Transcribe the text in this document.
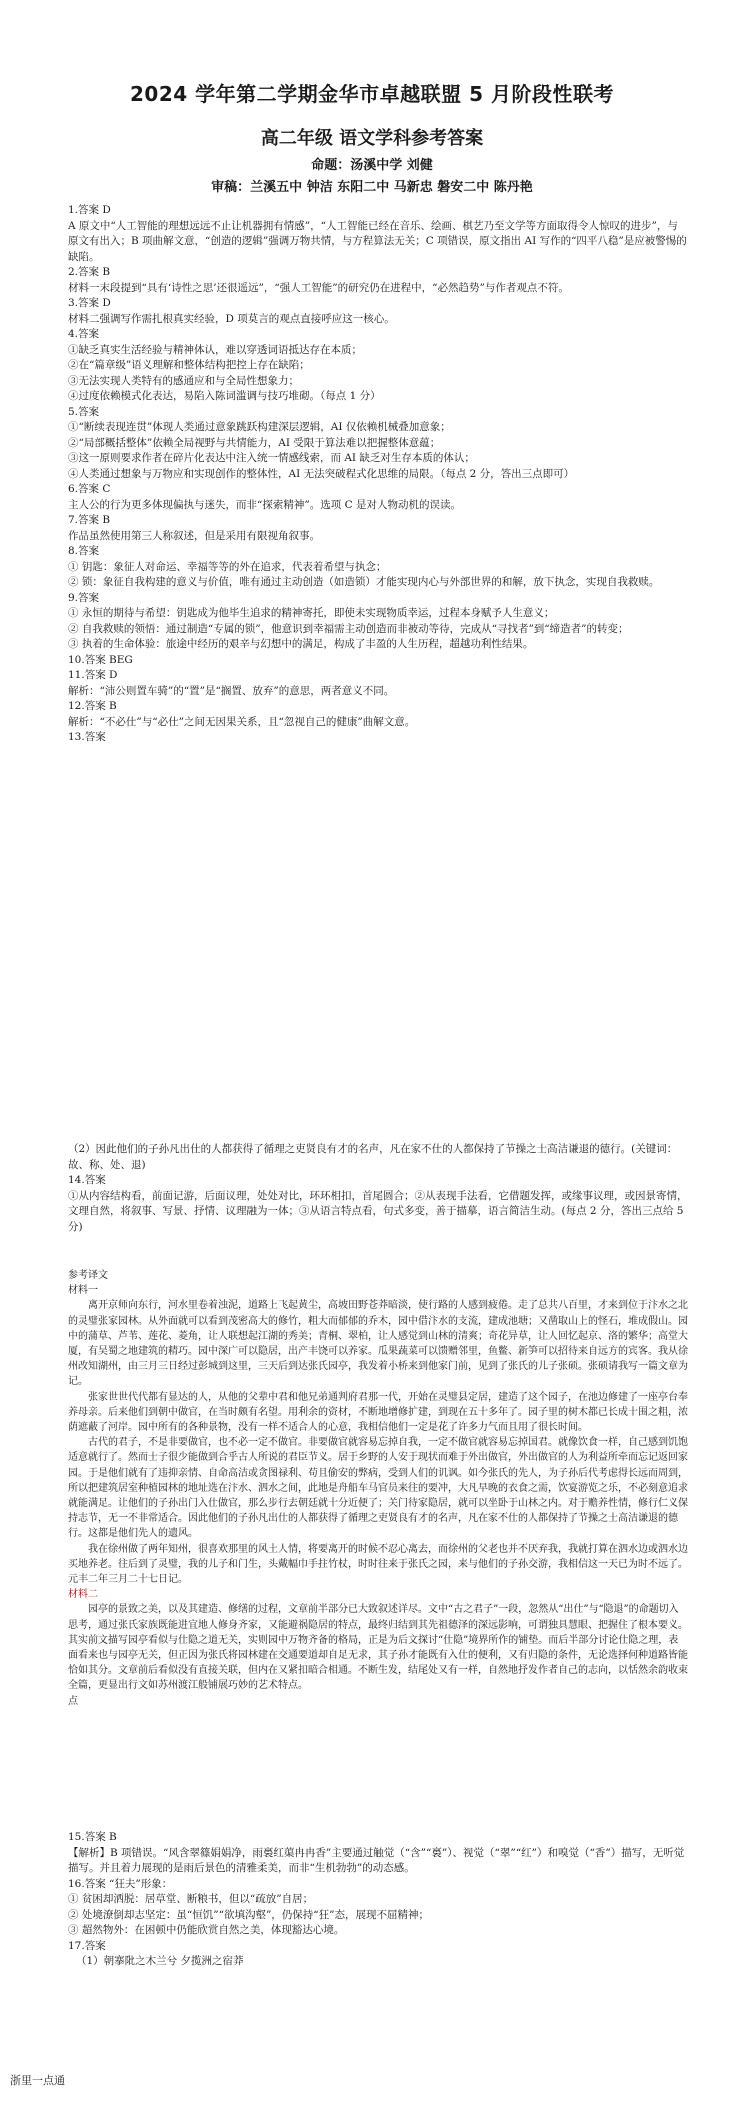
2024 学年第二学期金华市卓越联盟 5 月阶段性联考
高二年级 语文学科参考答案
命题：汤溪中学 刘健
审稿：兰溪五中 钟洁 东阳二中 马新忠 磐安二中 陈丹艳

1.答案 D

A 原文中“人工智能的理想远远不止让机器拥有情感”，“人工智能已经在音乐、绘画、棋艺乃至文学等方面取得令人惊叹的进步”，与原文有出入；B 项曲解文意，“创造的逻辑”强调万物共情，与方程算法无关；C 项错误，原文指出 AI 写作的“四平八稳”是应被警惕的缺陷。

2.答案 B

材料一末段提到“具有‘诗性之思’还很遥远”，“强人工智能”的研究仍在进程中，“必然趋势”与作者观点不符。

3.答案 D

材料二强调写作需扎根真实经验，D 项莫言的观点直接呼应这一核心。

4.答案

①缺乏真实生活经验与精神体认，难以穿透词语抵达存在本质；

②在“篇章级”语义理解和整体结构把控上存在缺陷；

③无法实现人类特有的感通应和与全局性想象力；

④过度依赖模式化表达，易陷入陈词滥调与技巧堆砌。（每点 1 分）

5.答案

①“断续表现连贯”体现人类通过意象跳跃构建深层逻辑，AI 仅依赖机械叠加意象；

②“局部概括整体”依赖全局视野与共情能力，AI 受限于算法难以把握整体意蕴；

③这一原则要求作者在碎片化表达中注入统一情感线索，而 AI 缺乏对生存本质的体认；

④人类通过想象与万物应和实现创作的整体性，AI 无法突破程式化思维的局限。（每点 2 分，答出三点即可）

6.答案 C

主人公的行为更多体现偏执与迷失，而非“探索精神”。选项 C 是对人物动机的误读。

7.答案 B

作品虽然使用第三人称叙述，但是采用有限视角叙事。

8.答案

① 钥匙：象征人对命运、幸福等等的外在追求，代表着希望与执念；

② 锁：象征自我构建的意义与价值，唯有通过主动创造（如造锁）才能实现内心与外部世界的和解，放下执念，实现自我救赎。

9.答案

① 永恒的期待与希望：钥匙成为他毕生追求的精神寄托，即使未实现物质幸运，过程本身赋予人生意义；

② 自我救赎的领悟：通过制造“专属的锁”，他意识到幸福需主动创造而非被动等待，完成从“寻找者”到“缔造者”的转变；

③ 执着的生命体验：旅途中经历的艰辛与幻想中的满足，构成了丰盈的人生历程，超越功利性结果。

10.答案 BEG

11.答案 D

解析：“沛公则置车骑”的“置”是“搁置、放弃”的意思，两者意义不同。

12.答案 B

解析：“不必仕”与“必仕”之间无因果关系，且“忽视自己的健康”曲解文意。

13.答案

（2）因此他们的子孙凡出仕的人都获得了循理之吏贤良有才的名声，凡在家不仕的人都保持了节操之士高洁谦退的德行。(关键词：故、称、处、退)

14.答案

①从内容结构看，前面记游，后面议理，处处对比，环环相扣，首尾圆合；②从表现手法看，它借题发挥，或缘事议理，或因景寄情，文理自然，将叙事、写景、抒情、议理融为一体；③从语言特点看，句式多变，善于描摹，语言简洁生动。(每点 2 分，答出三点给 5 分)

参考译文

材料一

离开京师向东行，河水里卷着浊泥，道路上飞起黄尘，高坡田野苍莽暗淡，使行路的人感到疲倦。走了总共八百里，才来到位于汴水之北的灵璧张家园林。从外面就可以看到茂密高大的修竹，粗大而郁郁的乔木，园中借汴水的支流，建成池塘；又凿取山上的怪石，堆成假山。园中的蒲草、芦苇、莲花、菱角，让人联想起江湖的秀美；青桐、翠柏，让人感觉到山林的清爽；奇花异草，让人回忆起京、洛的繁华；高堂大厦，有吴蜀之地建筑的精巧。园中深广可以隐居，出产丰饶可以养家。瓜果蔬菜可以馈赠邻里，鱼鳖、新笋可以招待来自远方的宾客。我从徐州改知湖州，由三月三日经过彭城到这里，三天后到达张氏园亭，我发着小桥来到他家门前，见到了张氏的儿子张硕。张硕请我写一篇文章为记。

张家世世代代都有显达的人，从他的父辈中君和他兄弟通判府君那一代，开始在灵璧县定居，建造了这个园子，在池边修建了一座亭台奉养母亲。后来他们到朝中做官，在当时颇有名望。用利余的资材，不断地增修扩建，到现在五十多年了。园子里的树木都已长成十围之粗，浓荫遮蔽了河岸。园中所有的各种景物，没有一样不适合人的心意，我相信他们一定是花了许多力气而且用了很长时间。

古代的君子，不是非要做官，也不必一定不做官。非要做官就容易忘掉自我，一定不做官就容易忘掉国君。就像饮食一样，自己感到饥饱适意就行了。然而士子很少能做到合乎古人所说的君臣节义。居于乡野的人安于现状而难于外出做官，外出做官的人为利益所牵而忘记返回家园。于是他们就有了违抑亲情、自命高洁或贪图禄利、苟且偷安的弊病，受到人们的讥讽。如今张氏的先人，为子孙后代考虑得长远而周到，所以把建筑居室种植园林的地址选在汴水、泗水之间，此地是舟船车马官员来往的要冲，大凡早晚的衣食之需，饮宴游览之乐，不必刻意追求就能满足。让他们的子孙出门入仕做官，那么步行去朝廷就十分近便了；关门待家隐居，就可以坐卧于山林之内。对于赡养性情，修行仁义保持志节，无一不非常适合。因此他们的子孙凡出仕的人都获得了循理之吏贤良有才的名声，凡在家不仕的人都保持了节操之士高洁谦退的德行。这都是他们先人的遗风。

我在徐州做了两年知州，很喜欢那里的风土人情，将要离开的时候不忍心离去，而徐州的父老也并不厌弃我，我就打算在泗水边或泗水边买地养老。往后到了灵璧，我的儿子和门生，头戴幅巾手拄竹杖，时时往来于张氏之园，来与他们的子孙交游，我相信这一天已为时不远了。元丰二年三月二十七日记。

材料二

园亭的景致之美，以及其建造、修缮的过程，文章前半部分已大致叙述详尽。文中“古之君子”一段，忽然从“出仕”与“隐退”的命题切入思考，通过张氏家族既能进宜地人修身齐家，又能避祸隐居的特点，最终归结到其先祖德泽的深远影响，可谓独具慧眼、把握住了根本要义。其实前文描写园亭看似与仕隐之道无关，实则园中万物齐备的格局，正是为后文探讨“仕隐”境界所作的铺垫。而后半部分讨论仕隐之理，表面看来也与园亭无关，但正因为张氏将园林建在交通要道却自足无求，其子孙才能既有入仕的便利，又有归隐的条件，无论选择何种道路皆能恰如其分。文章前后看似没有直接关联，但内在又紧扣暗合相通。不断生发，结尾处又有一样，自然地抒发作者自己的志向，以恬然余韵收束全篇，更显出行文如苏州渡江般铺展巧妙的艺术特点。

点

15.答案 B

【解析】B 项错误。“风含翠篠娟娟净，雨裛红蕖冉冉香”主要通过触觉（“含”“裛”）、视觉（“翠”“红”）和嗅觉（“香”）描写，无听觉描写。并且着力展现的是雨后景色的清雅柔美，而非“生机勃勃”的动态感。

16.答案 “狂夫”形象：

① 贫困却洒脱：居草堂、断粮书，但以“疏放”自居；

② 处境潦倒却志坚定：虽“恒饥”“欲填沟壑”，仍保持“狂”态，展现不屈精神；

③ 超然物外：在困顿中仍能欣赏自然之美，体现豁达心境。

17.答案

（1）朝搴阰之木兰兮 夕揽洲之宿莽

浙里一点通
